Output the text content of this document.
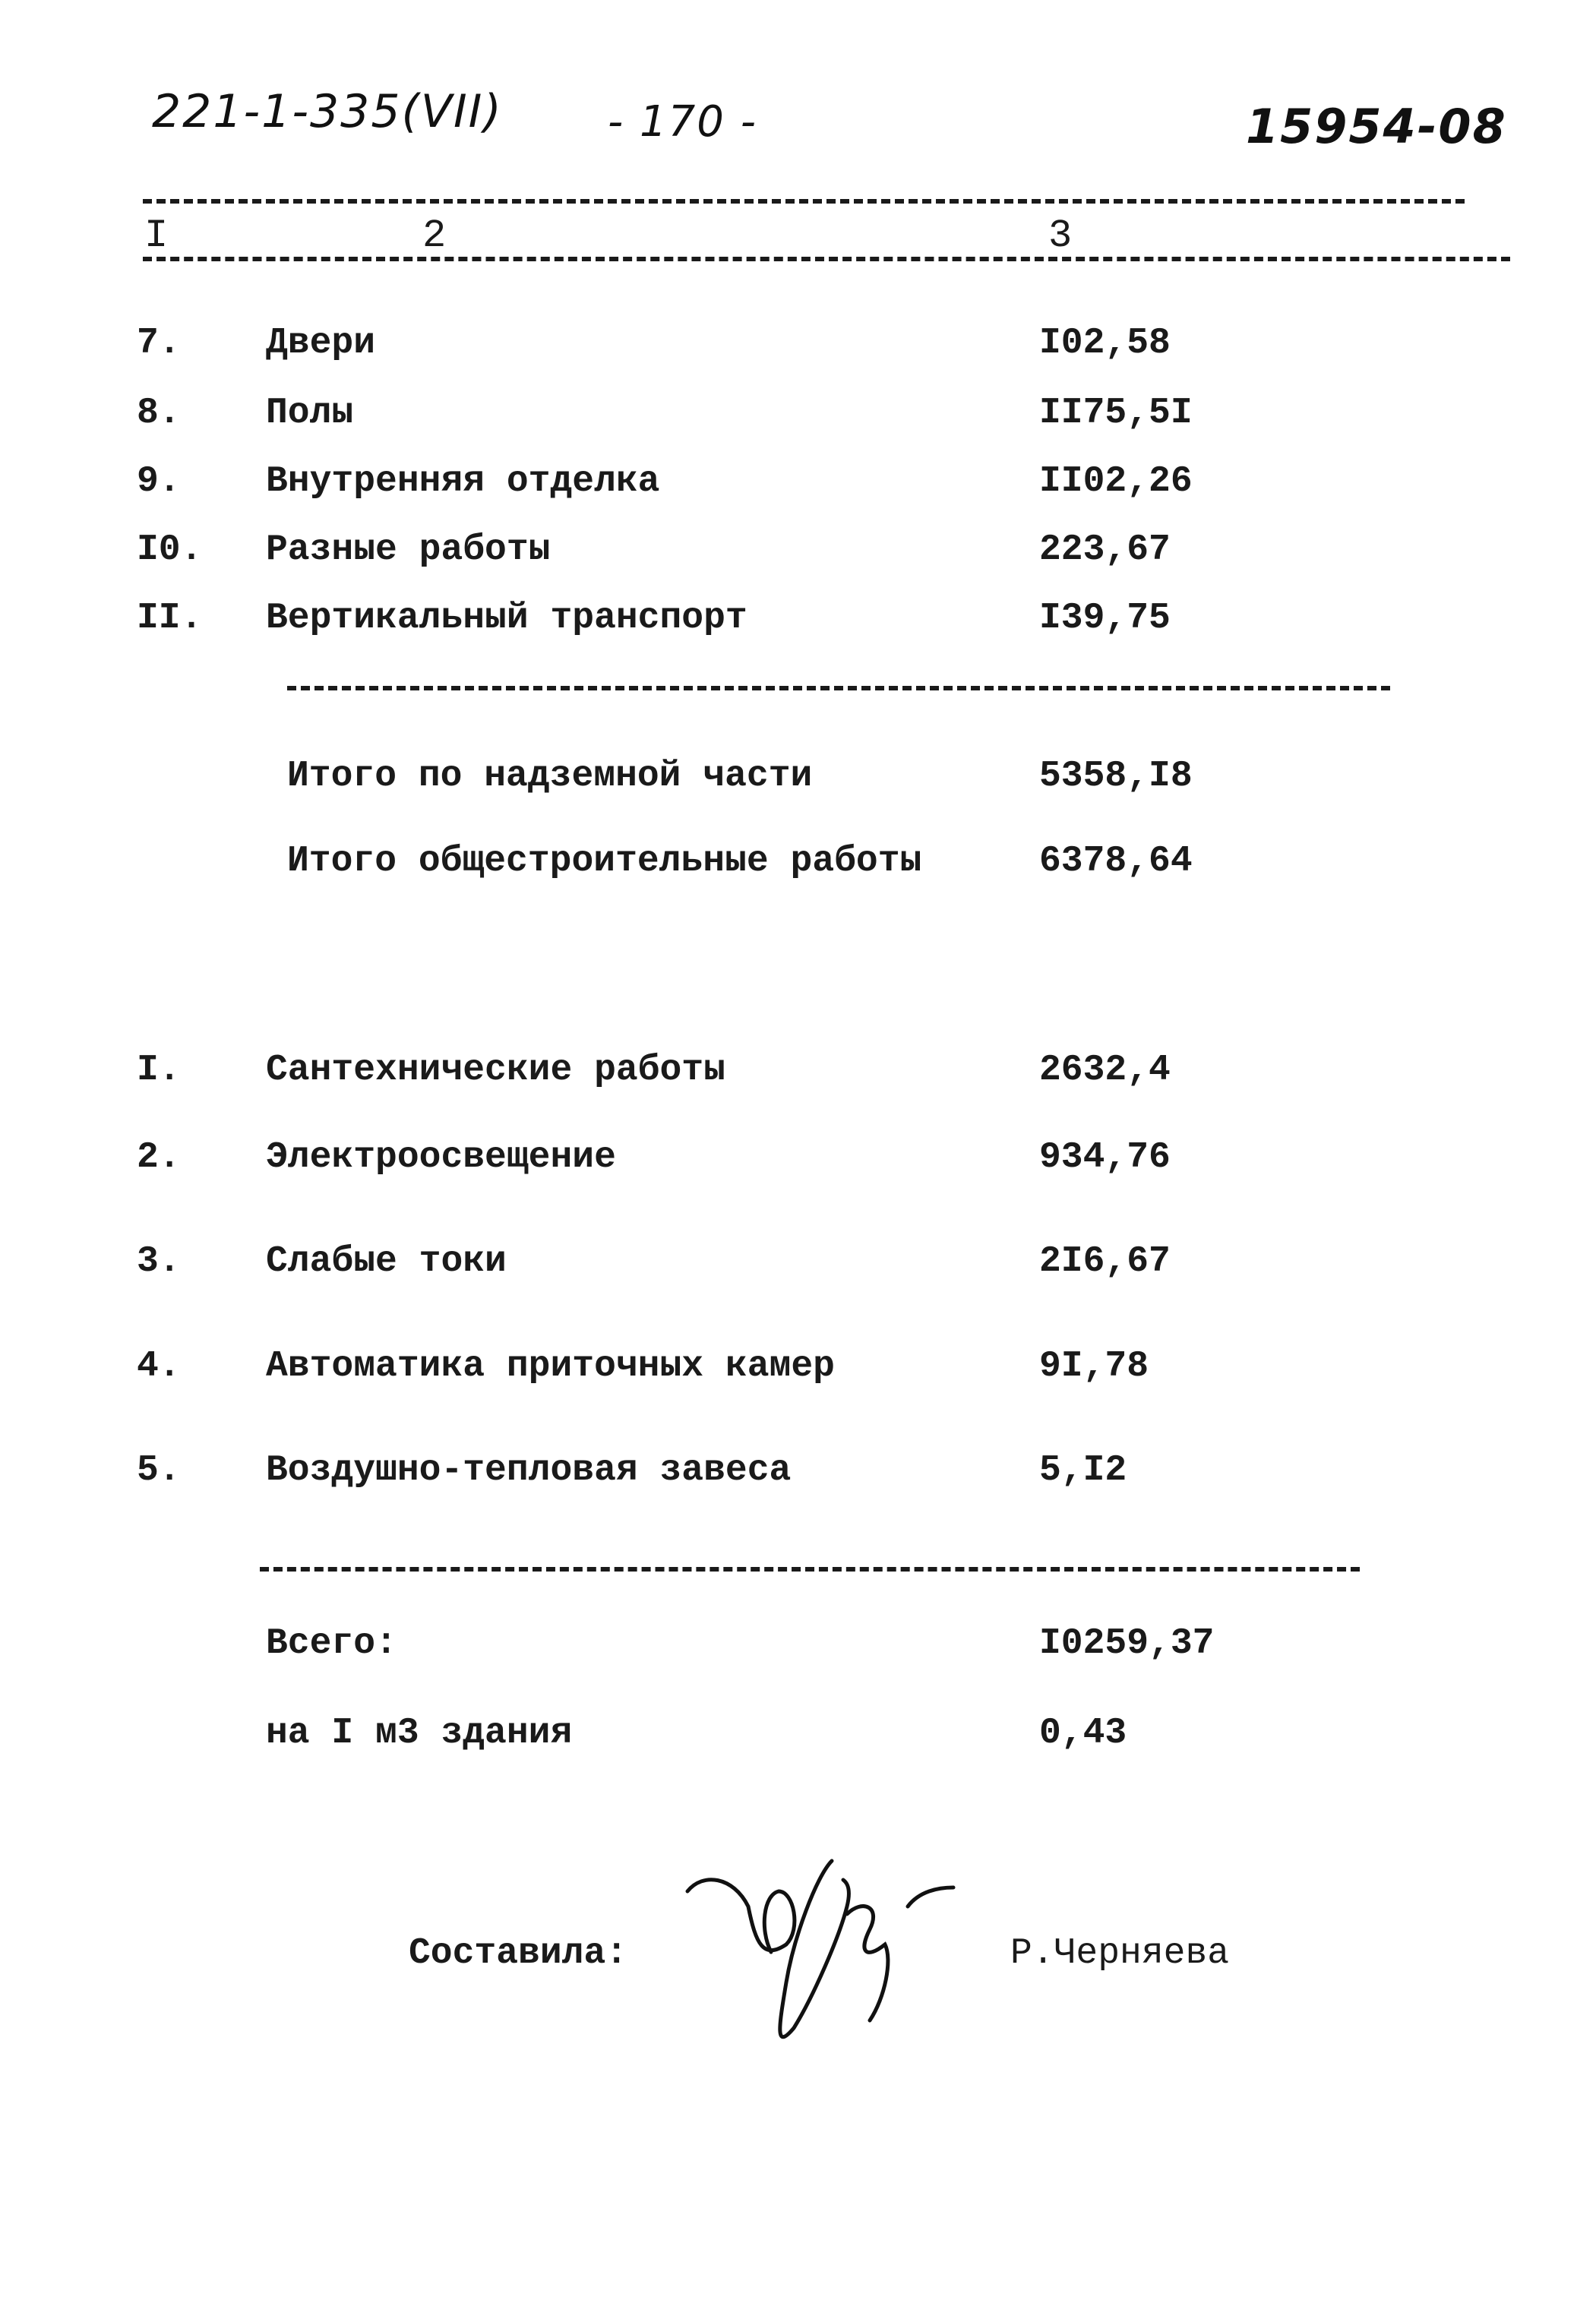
221-1-335(VII) - 170 -	15954-08
I	2	3
7. Двери	I02,58
8. Полы	II75,5I
9. Внутренняя отделка	II02,26
I0. Разные работы	223,67
II. Вертикальный транспорт	I39,75
Итого по надземной части	5358,I8
Итого общестроительные работы	6378,64
I. Сантехнические работы	2632,4
2. Электроосвещение	934,76
3. Слабые токи	2I6,67
4. Автоматика приточных камер	9I,78
5. Воздушно-тепловая завеса	5,I2
Всего:	I0259,37
на I м3 здания	0,43
Составила:	Р.Черняева
